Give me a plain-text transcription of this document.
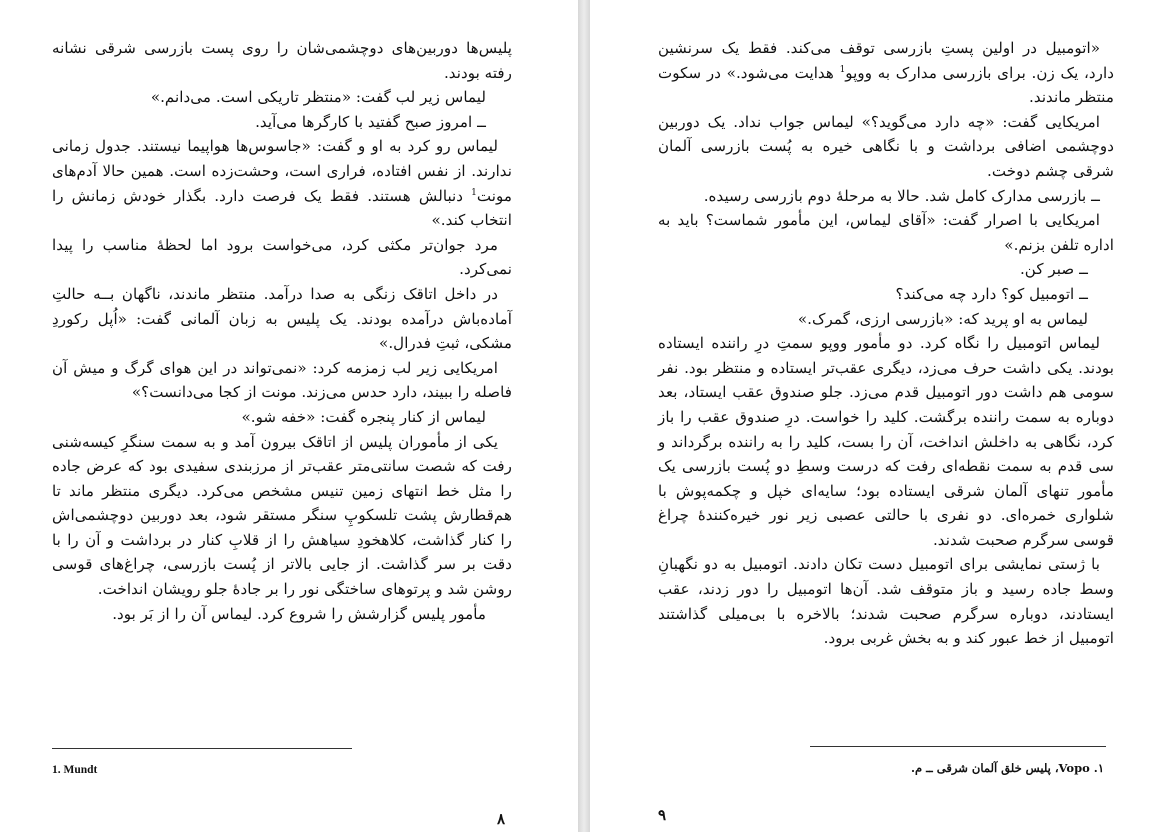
پلیس‌ها دوربین‌های دوچشمی‌شان را روی پست بازرسی شرقی نشانه رفته بودند.

لیماس زیر لب گفت: «منتظر تاریکی است. می‌دانم.»

ــ امروز صبح گفتید با کارگرها می‌آید.

لیماس رو کرد به او و گفت: «جاسوس‌ها هواپیما نیستند. جدول زمانی ندارند. از نفس افتاده، فراری است، وحشت‌زده است. همین حالا آدم‌های مونت$^1$ دنبالش هستند. فقط یک فرصت دارد. بگذار خودش زمانش را انتخاب کند.»

مرد جوان‌تر مکثی کرد، می‌خواست برود اما لحظهٔ مناسب را پیدا نمی‌کرد.

در داخل اتاقک زنگی به صدا درآمد. منتظر ماندند، ناگهان بــه حالتِ آماده‌باش درآمده بودند. یک پلیس به زبان آلمانی گفت: «اُپل رکوردِ مشکی، ثبتِ فدرال.»

امریکایی زیر لب زمزمه کرد: «نمی‌تواند در این هوای گرگ و میش آن فاصله را ببیند، دارد حدس می‌زند. مونت از کجا می‌دانست؟»

لیماس از کنار پنجره گفت: «خفه شو.»

یکی از مأموران پلیس از اتاقک بیرون آمد و به سمت سنگرِ کیسه‌شنی رفت که شصت سانتی‌متر عقب‌تر از مرزبندی سفیدی بود که عرض جاده را مثل خط انتهای زمین تنیس مشخص می‌کرد. دیگری منتظر ماند تا هم‌قطارش پشت تلسکوپِ سنگر مستقر شود، بعد دوربین دوچشمی‌اش را کنار گذاشت، کلاهخودِ سیاهش را از قلابِ کنار در برداشت و آن را با دقت بر سر گذاشت. از جایی بالاتر از پُست بازرسی، چراغ‌های قوسی روشن شد و پرتوهای ساختگی نور را بر جادهٔ جلو رویشان انداخت.

مأمور پلیس گزارشش را شروع کرد. لیماس آن را از بَر بود.

1. Mundt
۸

«اتومبیل در اولین پستِ بازرسی توقف می‌کند. فقط یک سرنشین دارد، یک زن. برای بازرسی مدارک به ووپو$^1$ هدایت می‌شود.» در سکوت منتظر ماندند.

امریکایی گفت: «چه دارد می‌گوید؟» لیماس جواب نداد. یک دوربین دوچشمی اضافی برداشت و با نگاهی خیره به پُست بازرسی آلمان شرقی چشم دوخت.

ــ بازرسی مدارک کامل شد. حالا به مرحلهٔ دوم بازرسی رسیده.

امریکایی با اصرار گفت: «آقای لیماس، این مأمور شماست؟ باید به اداره تلفن بزنم.»

ــ صبر کن.

ــ اتومبیل کو؟ دارد چه می‌کند؟

لیماس به او پرید که: «بازرسی ارزی، گمرک.»

لیماس اتومبیل را نگاه کرد. دو مأمور ووپو سمتِ درِ راننده ایستاده بودند. یکی داشت حرف می‌زد، دیگری عقب‌تر ایستاده و منتظر بود. نفر سومی هم داشت دور اتومبیل قدم می‌زد. جلو صندوق عقب ایستاد، بعد دوباره به سمت راننده برگشت. کلید را خواست. درِ صندوق عقب را باز کرد، نگاهی به داخلش انداخت، آن را بست، کلید را به راننده برگرداند و سی قدم به سمت نقطه‌ای رفت که درست وسطِ دو پُست بازرسی یک مأمور تنهای آلمان شرقی ایستاده بود؛ سایه‌ای خپل و چکمه‌پوش با شلواری خمره‌ای. دو نفری با حالتی عصبی زیر نور خیره‌کنندهٔ چراغ قوسی سرگرم صحبت شدند.

با ژستی نمایشی برای اتومبیل دست تکان دادند. اتومبیل به دو نگهبانِ وسط جاده رسید و باز متوقف شد. آن‌ها اتومبیل را دور زدند، عقب ایستادند، دوباره سرگرم صحبت شدند؛ بالاخره با بی‌میلی گذاشتند اتومبیل از خط عبور کند و به بخش غربی برود.

۱. Vopo، پلیس خلق آلمان شرقی ــ م.
۹
